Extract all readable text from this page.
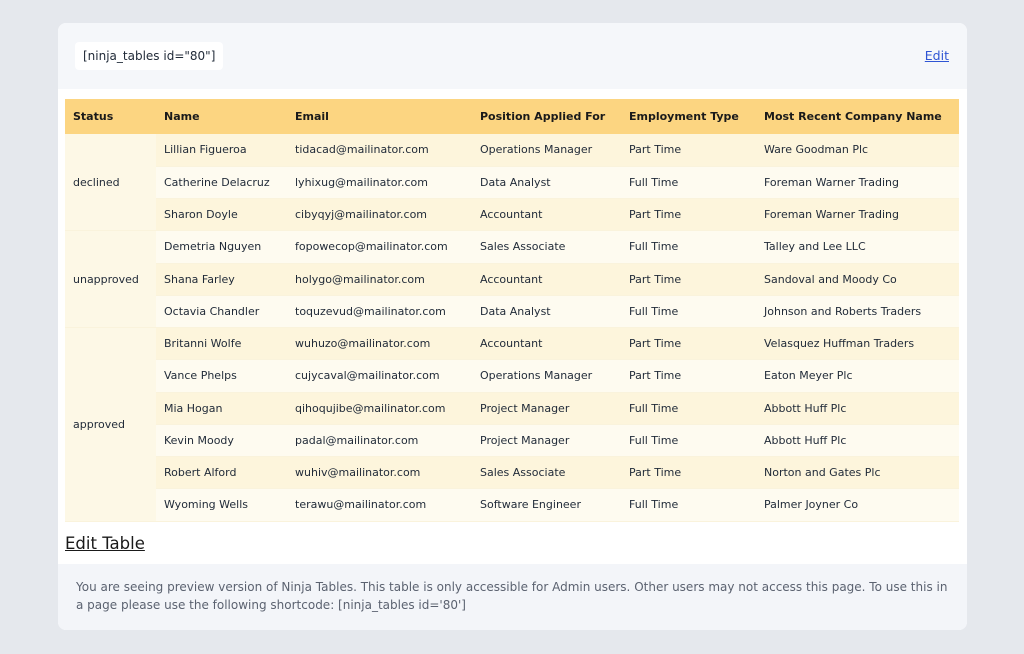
[ninja_tables id="80"]	Edit
Status	Name	Email	Position Applied For	Employment Type	Most Recent Company Name
declined	Lillian Figueroa	tidacad@mailinator.com	Operations Manager	Part Time	Ware Goodman Plc
	Catherine Delacruz	lyhixug@mailinator.com	Data Analyst	Full Time	Foreman Warner Trading
	Sharon Doyle	cibyqyj@mailinator.com	Accountant	Part Time	Foreman Warner Trading
unapproved	Demetria Nguyen	fopowecop@mailinator.com	Sales Associate	Full Time	Talley and Lee LLC
	Shana Farley	holygo@mailinator.com	Accountant	Part Time	Sandoval and Moody Co
	Octavia Chandler	toquzevud@mailinator.com	Data Analyst	Full Time	Johnson and Roberts Traders
approved	Britanni Wolfe	wuhuzo@mailinator.com	Accountant	Part Time	Velasquez Huffman Traders
	Vance Phelps	cujycaval@mailinator.com	Operations Manager	Part Time	Eaton Meyer Plc
	Mia Hogan	qihoqujibe@mailinator.com	Project Manager	Full Time	Abbott Huff Plc
	Kevin Moody	padal@mailinator.com	Project Manager	Full Time	Abbott Huff Plc
	Robert Alford	wuhiv@mailinator.com	Sales Associate	Part Time	Norton and Gates Plc
	Wyoming Wells	terawu@mailinator.com	Software Engineer	Full Time	Palmer Joyner Co
Edit Table
You are seeing preview version of Ninja Tables. This table is only accessible for Admin users. Other users may not access this page. To use this in a page please use the following shortcode: [ninja_tables id='80']
